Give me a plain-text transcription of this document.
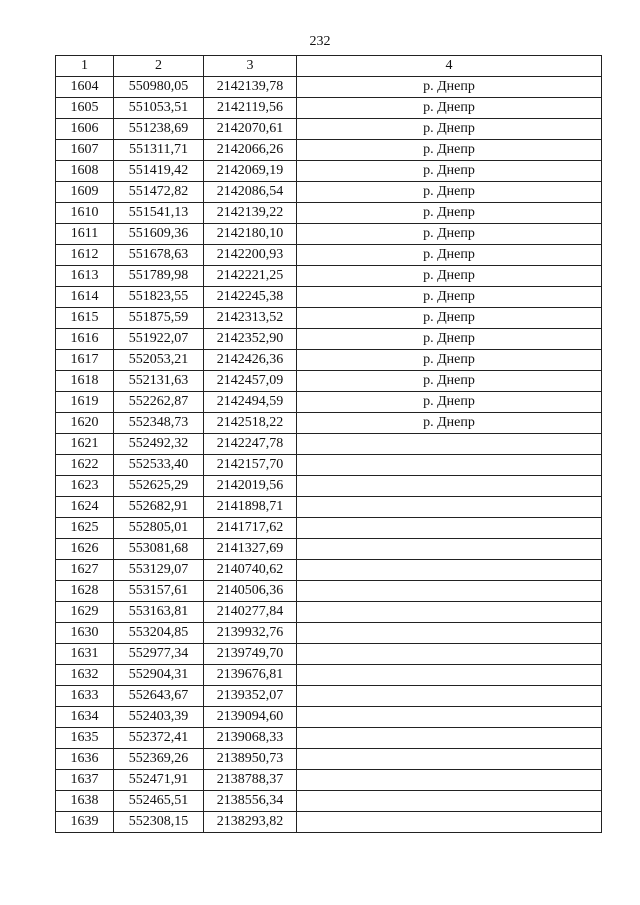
232
1	2	3	4
1604	550980,05	2142139,78	р. Днепр
1605	551053,51	2142119,56	р. Днепр
1606	551238,69	2142070,61	р. Днепр
1607	551311,71	2142066,26	р. Днепр
1608	551419,42	2142069,19	р. Днепр
1609	551472,82	2142086,54	р. Днепр
1610	551541,13	2142139,22	р. Днепр
1611	551609,36	2142180,10	р. Днепр
1612	551678,63	2142200,93	р. Днепр
1613	551789,98	2142221,25	р. Днепр
1614	551823,55	2142245,38	р. Днепр
1615	551875,59	2142313,52	р. Днепр
1616	551922,07	2142352,90	р. Днепр
1617	552053,21	2142426,36	р. Днепр
1618	552131,63	2142457,09	р. Днепр
1619	552262,87	2142494,59	р. Днепр
1620	552348,73	2142518,22	р. Днепр
1621	552492,32	2142247,78	
1622	552533,40	2142157,70	
1623	552625,29	2142019,56	
1624	552682,91	2141898,71	
1625	552805,01	2141717,62	
1626	553081,68	2141327,69	
1627	553129,07	2140740,62	
1628	553157,61	2140506,36	
1629	553163,81	2140277,84	
1630	553204,85	2139932,76	
1631	552977,34	2139749,70	
1632	552904,31	2139676,81	
1633	552643,67	2139352,07	
1634	552403,39	2139094,60	
1635	552372,41	2139068,33	
1636	552369,26	2138950,73	
1637	552471,91	2138788,37	
1638	552465,51	2138556,34	
1639	552308,15	2138293,82	
